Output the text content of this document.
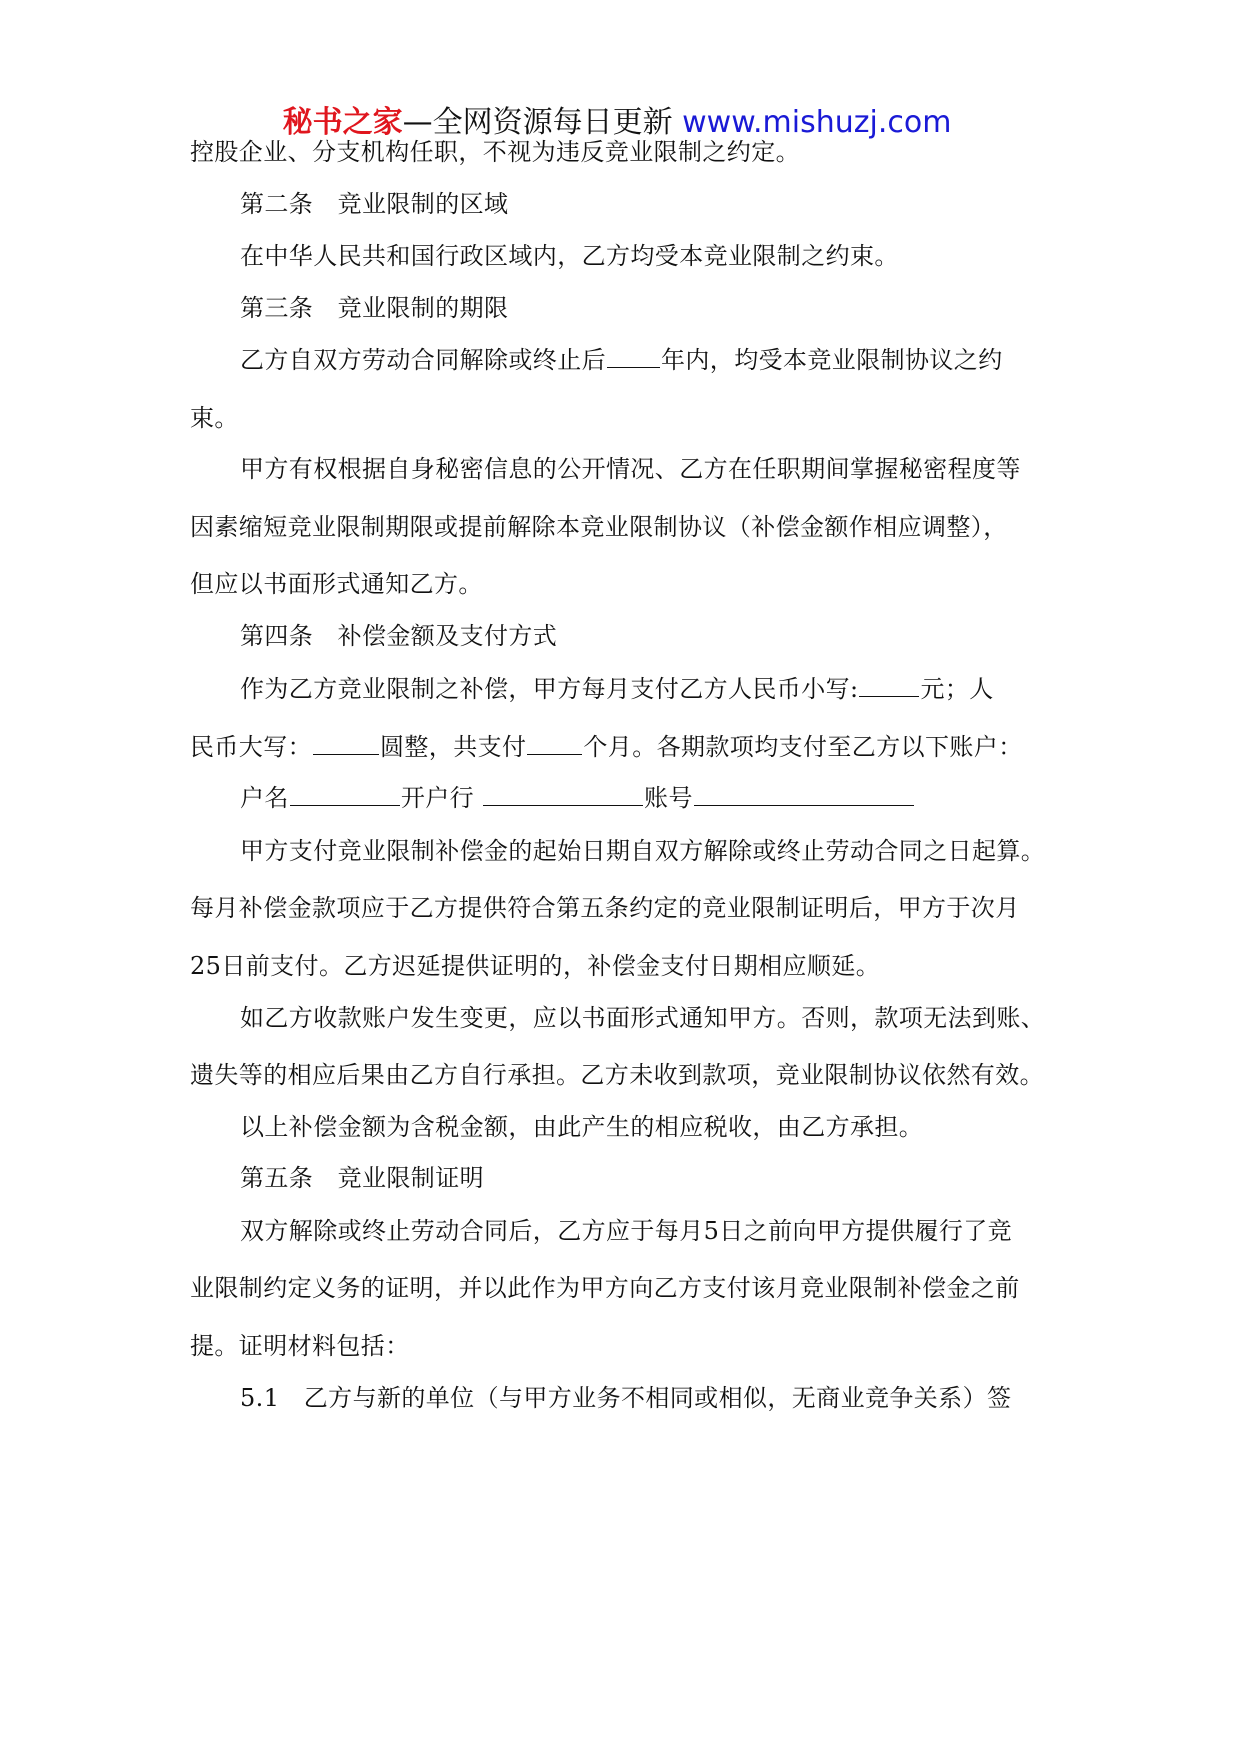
秘书之家—全网资源每日更新 www.mishuzj.com
控股企业、分支机构任职，不视为违反竞业限制之约定。
第二条　竞业限制的区域
在中华人民共和国行政区域内，乙方均受本竞业限制之约束。
第三条　竞业限制的期限
乙方自双方劳动合同解除或终止后 年内，均受本竞业限制协议之约
束。
甲方有权根据自身秘密信息的公开情况、乙方在任职期间掌握秘密程度等
因素缩短竞业限制期限或提前解除本竞业限制协议（补偿金额作相应调整），
但应以书面形式通知乙方。
第四条　补偿金额及支付方式
作为乙方竞业限制之补偿，甲方每月支付乙方人民币小写:	元；人
民币大写：	圆整，共支付 个月。各期款项均支付至乙方以下账户：
户名	开户行	账号
甲方支付竞业限制补偿金的起始日期自双方解除或终止劳动合同之日起算。
每月补偿金款项应于乙方提供符合第五条约定的竞业限制证明后，甲方于次月
25日前支付。乙方迟延提供证明的，补偿金支付日期相应顺延。
如乙方收款账户发生变更，应以书面形式通知甲方。否则，款项无法到账、
遗失等的相应后果由乙方自行承担。乙方未收到款项，竞业限制协议依然有效。
以上补偿金额为含税金额，由此产生的相应税收，由乙方承担。
第五条　竞业限制证明
双方解除或终止劳动合同后，乙方应于每月5日之前向甲方提供履行了竞
业限制约定义务的证明，并以此作为甲方向乙方支付该月竞业限制补偿金之前
提。证明材料包括：
5.1　乙方与新的单位（与甲方业务不相同或相似，无商业竞争关系）签
